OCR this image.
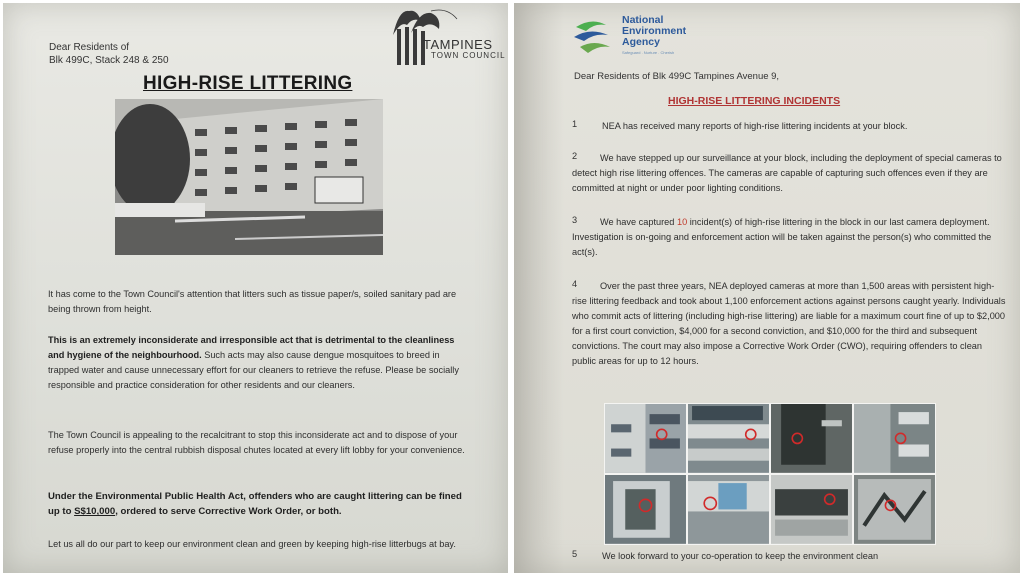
Dear Residents of
Blk 499C, Stack 248 & 250
TAMPINES
TOWN COUNCIL
HIGH-RISE LITTERING

It has come to the Town Council's attention that litters such as tissue paper/s, soiled sanitary pad are being thrown from height.

This is an extremely inconsiderate and irresponsible act that is detrimental to the cleanliness and hygiene of the neighbourhood. Such acts may also cause dengue mosquitoes to breed in trapped water and cause unnecessary effort for our cleaners to retrieve the refuse. Please be socially responsible and practice consideration for other residents and our cleaners.

The Town Council is appealing to the recalcitrant to stop this inconsiderate act and to dispose of your refuse properly into the central rubbish disposal chutes located at every lift lobby for your convenience.

Under the Environmental Public Health Act, offenders who are caught littering can be fined up to S$10,000, ordered to serve Corrective Work Order, or both.

Let us all do our part to keep our environment clean and green by keeping high-rise litterbugs at bay.

National Environment Agency
Safeguard . Nurture . Cherish
Dear Residents of Blk 499C Tampines Avenue 9,
HIGH-RISE LITTERING INCIDENTS
1	NEA has received many reports of high-rise littering incidents at your block.

We have stepped up our surveillance at your block, including the deployment of special cameras to detect high rise littering offences. The cameras are capable of capturing such offences even if they are committed at night or under poor lighting conditions.

2

We have captured 10 incident(s) of high-rise littering in the block in our last camera deployment. Investigation is on-going and enforcement action will be taken against the person(s) who committed the act(s).

3

Over the past three years, NEA deployed cameras at more than 1,500 areas with persistent high-rise littering feedback and took about 1,100 enforcement actions against persons caught yearly. Individuals who commit acts of littering (including high-rise littering) are liable for a maximum court fine of up to $2,000 for a first court conviction, $4,000 for a second conviction, and $10,000 for the third and subsequent convictions. The court may also impose a Corrective Work Order (CWO), requiring offenders to clean public areas for up to 12 hours.

4
5	We look forward to your co-operation to keep the environment clean
